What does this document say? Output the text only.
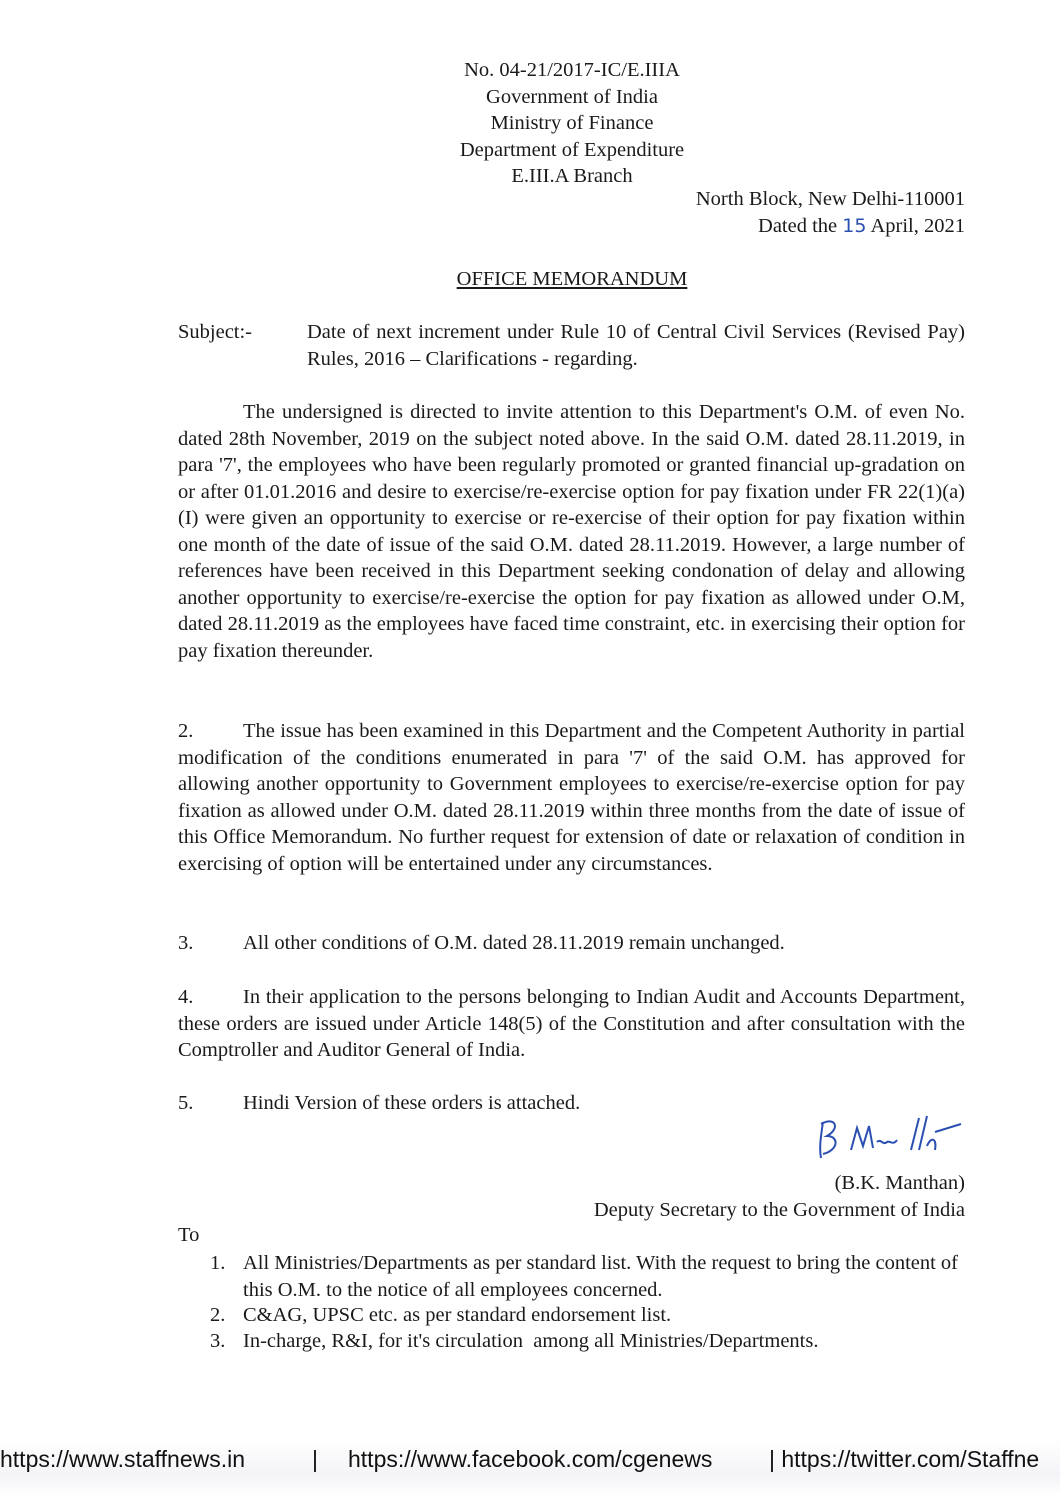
No. 04-21/2017-IC/E.IIIA
Government of India
Ministry of Finance
Department of Expenditure
E.III.A Branch
North Block, New Delhi-110001
Dated the 15 April, 2021
OFFICE MEMORANDUM
Subject:-	Date of next increment under Rule 10 of Central Civil Services (Revised Pay) Rules, 2016 – Clarifications - regarding.
The undersigned is directed to invite attention to this Department's O.M. of even No. dated 28th November, 2019 on the subject noted above. In the said O.M. dated 28.11.2019, in para '7', the employees who have been regularly promoted or granted financial up-gradation on or after 01.01.2016 and desire to exercise/re-exercise option for pay fixation under FR 22(1)(a)(I) were given an opportunity to exercise or re-exercise of their option for pay fixation within one month of the date of issue of the said O.M. dated 28.11.2019. However, a large number of references have been received in this Department seeking condonation of delay and allowing another opportunity to exercise/re-exercise the option for pay fixation as allowed under O.M, dated 28.11.2019 as the employees have faced time constraint, etc. in exercising their option for pay fixation thereunder.
2.	The issue has been examined in this Department and the Competent Authority in partial modification of the conditions enumerated in para '7' of the said O.M. has approved for allowing another opportunity to Government employees to exercise/re-exercise option for pay fixation as allowed under O.M. dated 28.11.2019 within three months from the date of issue of this Office Memorandum. No further request for extension of date or relaxation of condition in exercising of option will be entertained under any circumstances.
3. All other conditions of O.M. dated 28.11.2019 remain unchanged.
4.	In their application to the persons belonging to Indian Audit and Accounts Department, these orders are issued under Article 148(5) of the Constitution and after consultation with the Comptroller and Auditor General of India.
5. Hindi Version of these orders is attached.
(B.K. Manthan)
Deputy Secretary to the Government of India
To
1. All Ministries/Departments as per standard list. With the request to bring the content of this O.M. to the notice of all employees concerned.
2. C&AG, UPSC etc. as per standard endorsement list.
3. In-charge, R&I, for it's circulation  among all Ministries/Departments.
https://www.staffnews.in	| https://www.facebook.com/cgenews | https://twitter.com/Staffne
